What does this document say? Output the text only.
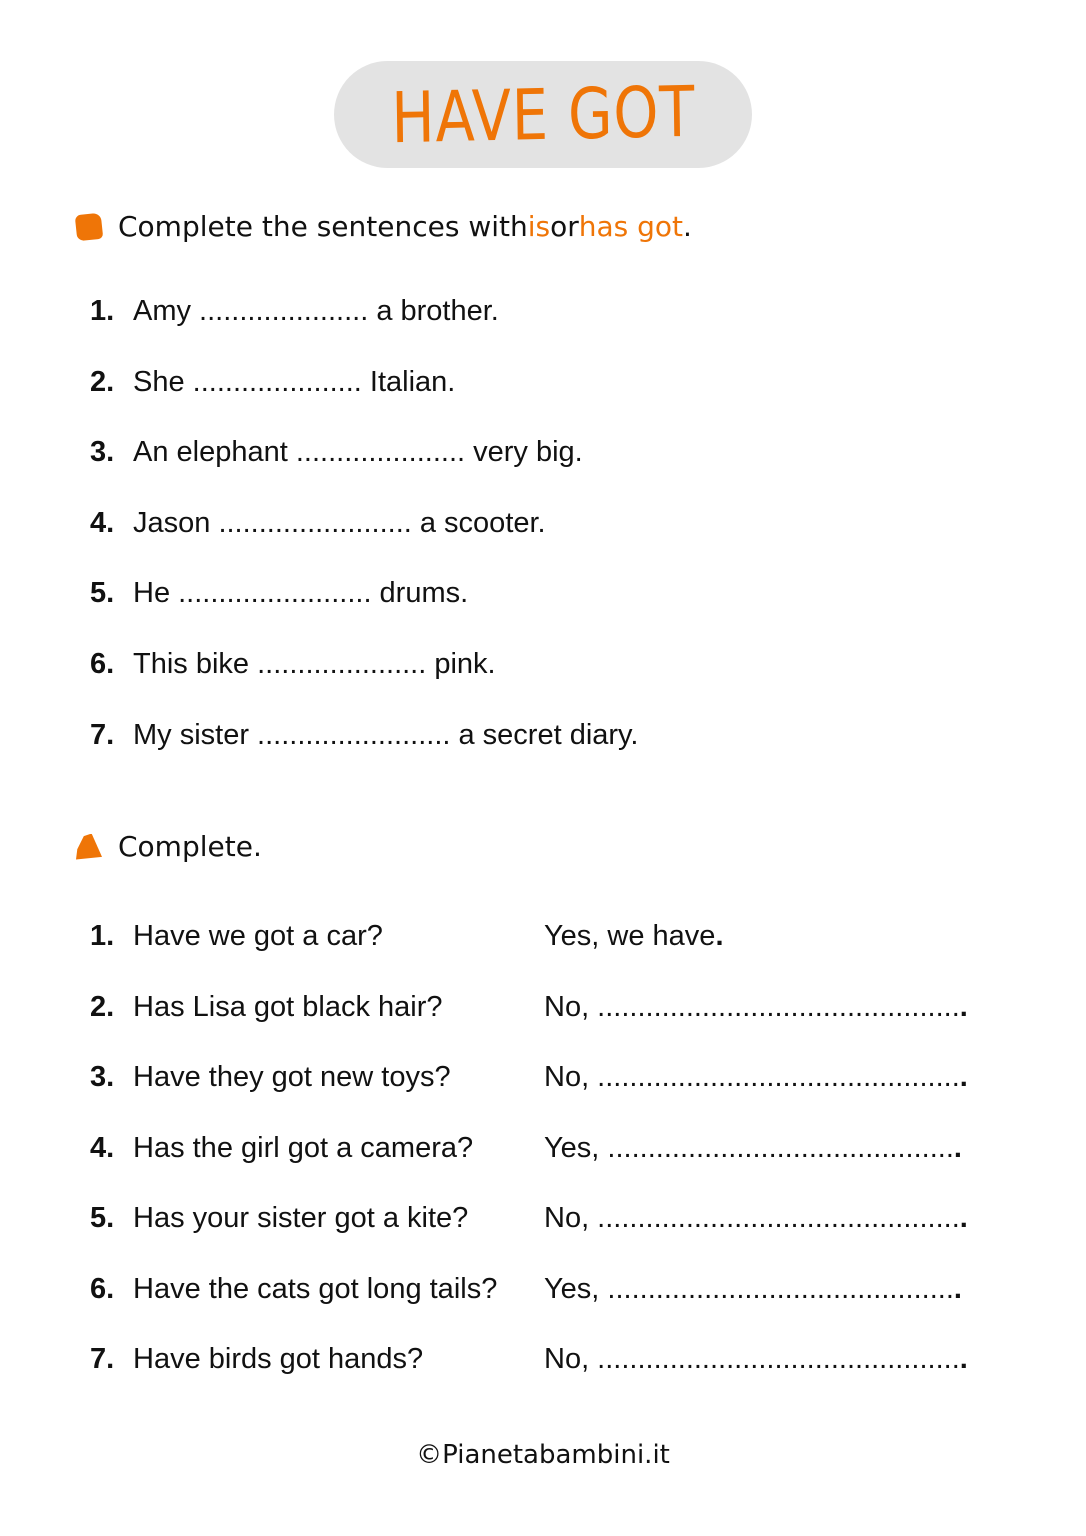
HAVE GOT
Complete the sentences with is or has got .
1. Amy ..................... a brother.
2. She ..................... Italian.
3. An elephant ..................... very big.
4. Jason ........................ a scooter.
5. He ........................ drums.
6. This bike ..................... pink.
7. My sister ........................ a secret diary.
Complete.
1. Have we got a car?	Yes, we have.
2. Has Lisa got black hair?	No, ..............................................
3. Have they got new toys?	No, ..............................................
4. Has the girl got a camera? Yes, ............................................
5. Has your sister got a kite?	No, ..............................................
6. Have the cats got long tails? Yes, ............................................
7. Have birds got hands?	No, ..............................................
©Pianetabambini.it
